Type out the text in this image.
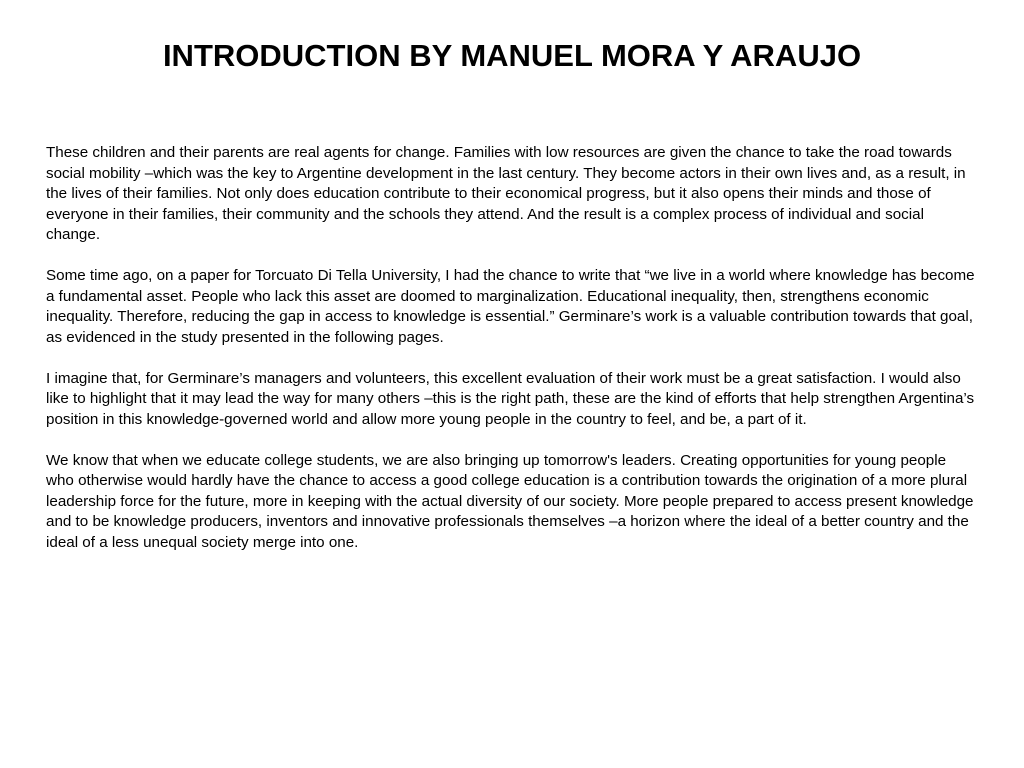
INTRODUCTION BY MANUEL MORA Y ARAUJO

These children and their parents are real agents for change. Families with low resources are given the chance to take the road towards social mobility –which was the key to Argentine development in the last century. They become actors in their own lives and, as a result, in the lives of their families. Not only does education contribute to their economical progress, but it also opens their minds and those of everyone in their families, their community and the schools they attend. And the result is a complex process of individual and social change.

Some time ago, on a paper for Torcuato Di Tella University, I had the chance to write that “we live in a world where knowledge has become a fundamental asset. People who lack this asset are doomed to marginalization. Educational inequality, then, strengthens economic inequality. Therefore, reducing the gap in access to knowledge is essential.” Germinare’s work is a valuable contribution towards that goal, as evidenced in the study presented in the following pages.

I imagine that, for Germinare’s managers and volunteers, this excellent evaluation of their work must be a great satisfaction. I would also like to highlight that it may lead the way for many others –this is the right path, these are the kind of efforts that help strengthen Argentina’s position in this knowledge-governed world and allow more young people in the country to feel, and be, a part of it.

We know that when we educate college students, we are also bringing up tomorrow's leaders. Creating opportunities for young people who otherwise would hardly have the chance to access a good college education is a contribution towards the origination of a more plural leadership force for the future, more in keeping with the actual diversity of our society. More people prepared to access present knowledge and to be knowledge producers, inventors and innovative professionals themselves –a horizon where the ideal of a better country and the ideal of a less unequal society merge into one.
